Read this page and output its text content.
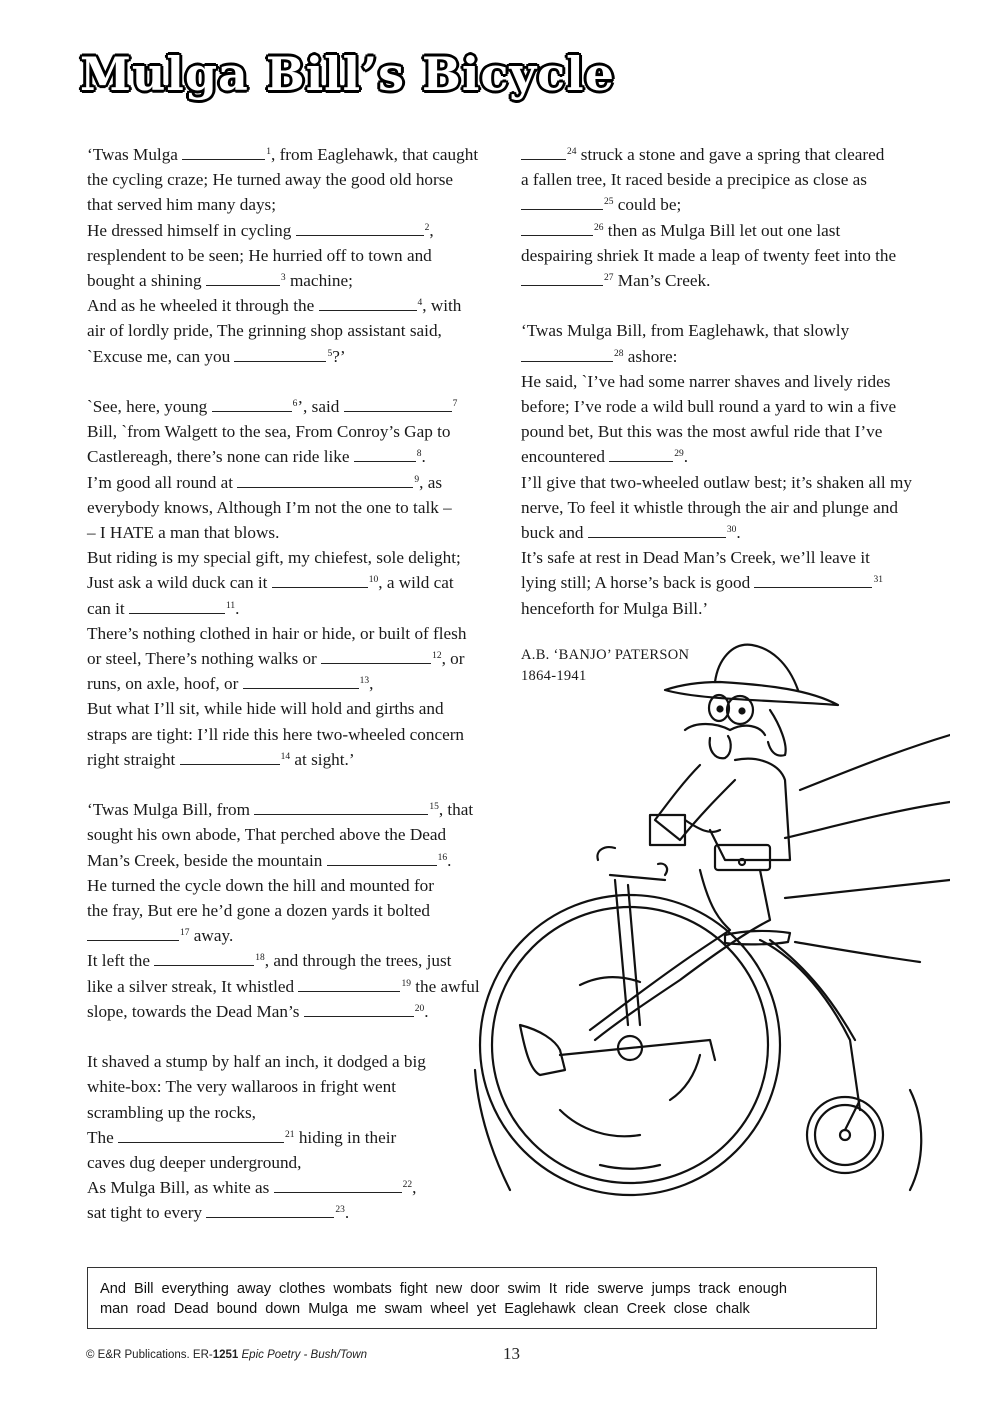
Mulga Bill’s Bicycle
‘Twas Mulga	$^1$, from Eaglehawk, that caught
the cycling craze; He turned away the good old horse
that served him many days;
He dressed himself in cycling	$^2$,
resplendent to be seen; He hurried off to town and
bought a shining	$^3$ machine;
And as he wheeled it through the	$^4$, with
air of lordly pride, The grinning shop assistant said,
`Excuse me, can you	$^5$?’
`See, here, young	$^6$’, said	$^7$
Bill, `from Walgett to the sea, From Conroy’s Gap to
Castlereagh, there’s none can ride like	$^8$.
I’m good all round at	$^9$, as
everybody knows, Although I’m not the one to talk –
– I HATE a man that blows.
But riding is my special gift, my chiefest, sole delight;
Just ask a wild duck can it	$^{10}$, a wild cat
can it	$^{11}$.
There’s nothing clothed in hair or hide, or built of flesh
or steel, There’s nothing walks or	$^{12}$, or
runs, on axle, hoof, or	$^{13}$,
But what I’ll sit, while hide will hold and girths and
straps are tight: I’ll ride this here two-wheeled concern
right straight	$^{14}$ at sight.’
‘Twas Mulga Bill, from	$^{15}$, that
sought his own abode, That perched above the Dead
Man’s Creek, beside the mountain	$^{16}$.
He turned the cycle down the hill and mounted for
the fray, But ere he’d gone a dozen yards it bolted
$^{17}$ away.
It left the	$^{18}$, and through the trees, just
like a silver streak, It whistled	$^{19}$ the awful
slope, towards the Dead Man’s	$^{20}$.
It shaved a stump by half an inch, it dodged a big
white-box: The very wallaroos in fright went
scrambling up the rocks,
The	$^{21}$ hiding in their
caves dug deeper underground,
As Mulga Bill, as white as	$^{22}$,
sat tight to every	$^{23}$.
$^{24}$ struck a stone and gave a spring that cleared
a fallen tree, It raced beside a precipice as close as
$^{25}$ could be;
$^{26}$ then as Mulga Bill let out one last
despairing shriek It made a leap of twenty feet into the
$^{27}$ Man’s Creek.
‘Twas Mulga Bill, from Eaglehawk, that slowly
$^{28}$ ashore:
He said, `I’ve had some narrer shaves and lively rides
before; I’ve rode a wild bull round a yard to win a five
pound bet, But this was the most awful ride that I’ve
encountered	$^{29}$.
I’ll give that two-wheeled outlaw best; it’s shaken all my
nerve, To feel it whistle through the air and plunge and
buck and	$^{30}$.
It’s safe at rest in Dead Man’s Creek, we’ll leave it
lying still; A horse’s back is good	$^{31}$
henceforth for Mulga Bill.’
A.B. ‘BANJO’ PATERSON
1864-1941
And Bill everything away clothes wombats fight new door swim It ride swerve jumps track enough
man road Dead bound down Mulga me swam wheel yet Eaglehawk clean Creek close chalk
© E&R Publications. ER-1251 Epic Poetry - Bush/Town	13
